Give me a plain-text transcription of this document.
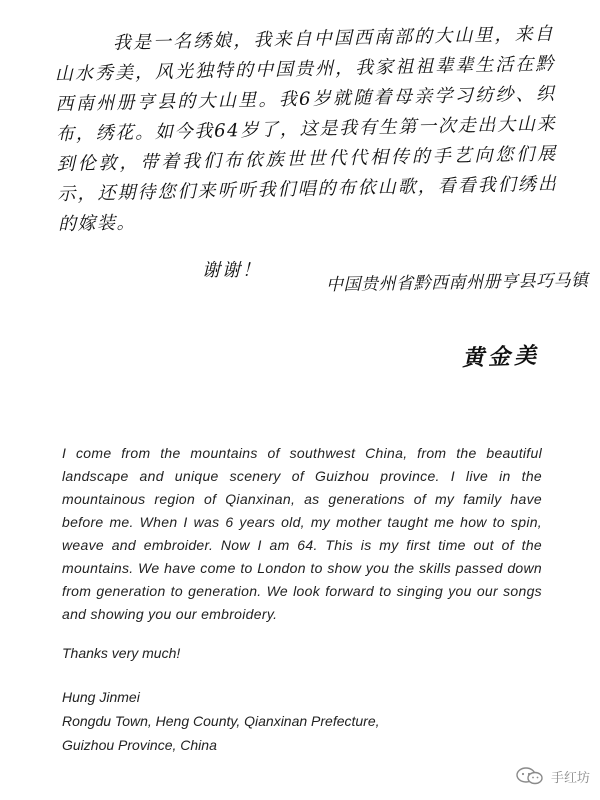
我是一名绣娘，我来自中国西南部的大山里，来自山水秀美，风光独特的中国贵州，我家祖祖辈辈生活在黔西南州册亨县的大山里。我6岁就随着母亲学习纺纱、织布，绣花。如今我64岁了，这是我有生第一次走出大山来到伦敦，带着我们布依族世世代代相传的手艺向您们展示，还期待您们来听听我们唱的布依山歌，看看我们绣出的嫁装。
谢谢！
中国贵州省黔西南州册亨县巧马镇
黄金美

I come from the mountains of southwest China, from the beautiful landscape and unique scenery of Guizhou province. I live in the mountainous region of Qianxinan, as generations of my family have before me. When I was 6 years old, my mother taught me how to spin, weave and embroider. Now I am 64. This is my first time out of the mountains. We have come to London to show you the skills passed down from generation to generation. We look forward to singing you our songs and showing you our embroidery.

Thanks very much!

Hung Jinmei
Rongdu Town, Heng County, Qianxinan Prefecture,
Guizhou Province, China
手红坊
